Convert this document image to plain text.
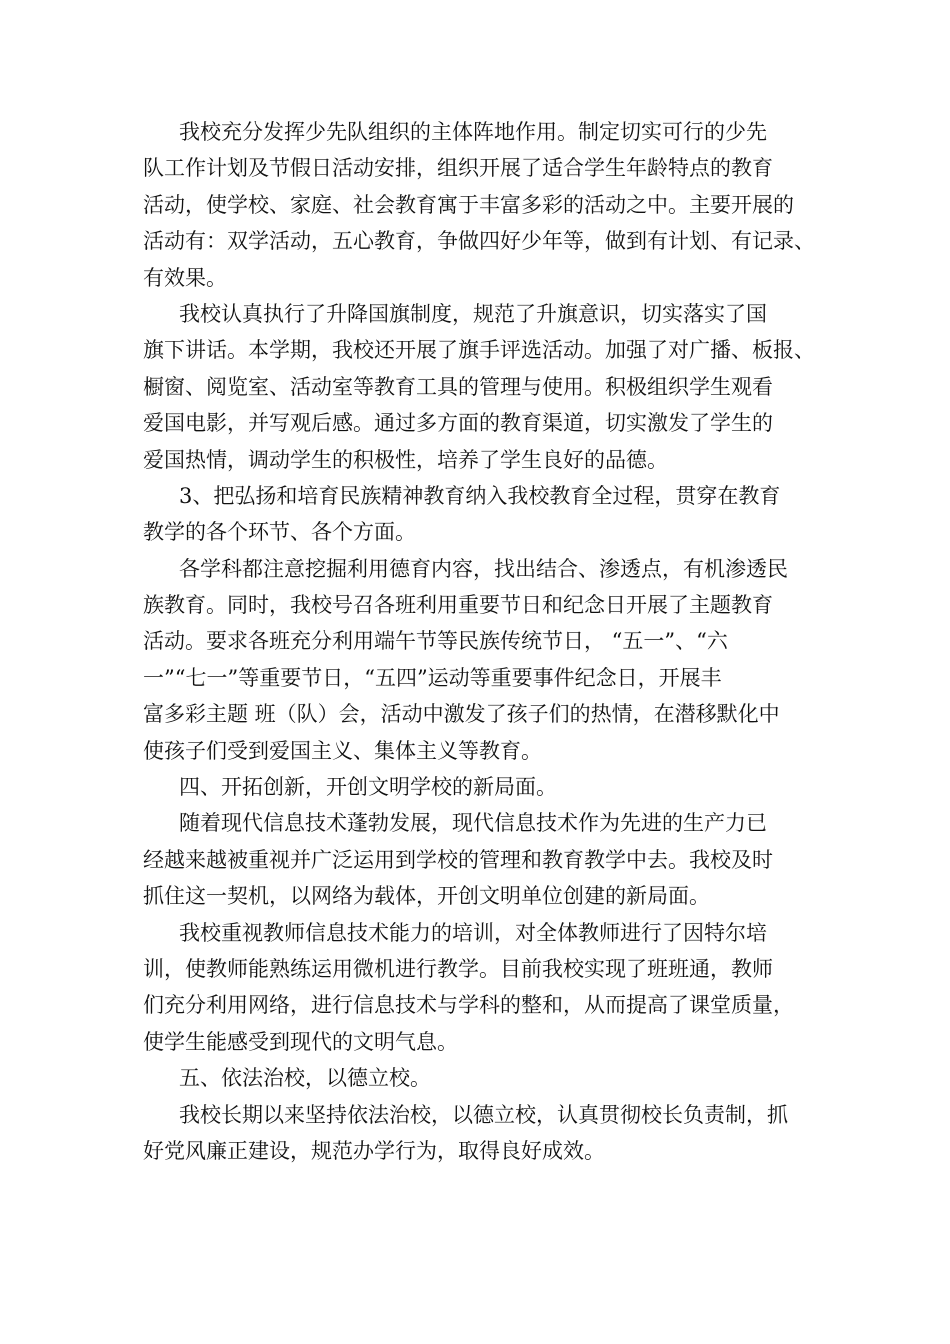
我校充分发挥少先队组织的主体阵地作用。制定切实可行的少先
队工作计划及节假日活动安排，组织开展了适合学生年龄特点的教育
活动，使学校、家庭、社会教育寓于丰富多彩的活动之中。主要开展的
活动有：双学活动，五心教育，争做四好少年等，做到有计划、有记录、
有效果。
我校认真执行了升降国旗制度，规范了升旗意识，切实落实了国
旗下讲话。本学期，我校还开展了旗手评选活动。加强了对广播、板报、
橱窗、阅览室、活动室等教育工具的管理与使用。积极组织学生观看
爱国电影，并写观后感。通过多方面的教育渠道，切实激发了学生的
爱国热情，调动学生的积极性，培养了学生良好的品德。
3、把弘扬和培育民族精神教育纳入我校教育全过程，贯穿在教育
教学的各个环节、各个方面。
各学科都注意挖掘利用德育内容，找出结合、渗透点，有机渗透民
族教育。同时，我校号召各班利用重要节日和纪念日开展了主题教育
活动。要求各班充分利用端午节等民族传统节日， “五一”、“六
一”“七一”等重要节日，“五四”运动等重要事件纪念日，开展丰
富多彩主题 班（队）会，活动中激发了孩子们的热情，在潜移默化中
使孩子们受到爱国主义、集体主义等教育。
四、开拓创新，开创文明学校的新局面。
随着现代信息技术蓬勃发展，现代信息技术作为先进的生产力已
经越来越被重视并广泛运用到学校的管理和教育教学中去。我校及时
抓住这一契机，以网络为载体，开创文明单位创建的新局面。
我校重视教师信息技术能力的培训，对全体教师进行了因特尔培
训，使教师能熟练运用微机进行教学。目前我校实现了班班通，教师
们充分利用网络，进行信息技术与学科的整和，从而提高了课堂质量，
使学生能感受到现代的文明气息。
五、依法治校，以德立校。
我校长期以来坚持依法治校，以德立校，认真贯彻校长负责制，抓
好党风廉正建设，规范办学行为，取得良好成效。
